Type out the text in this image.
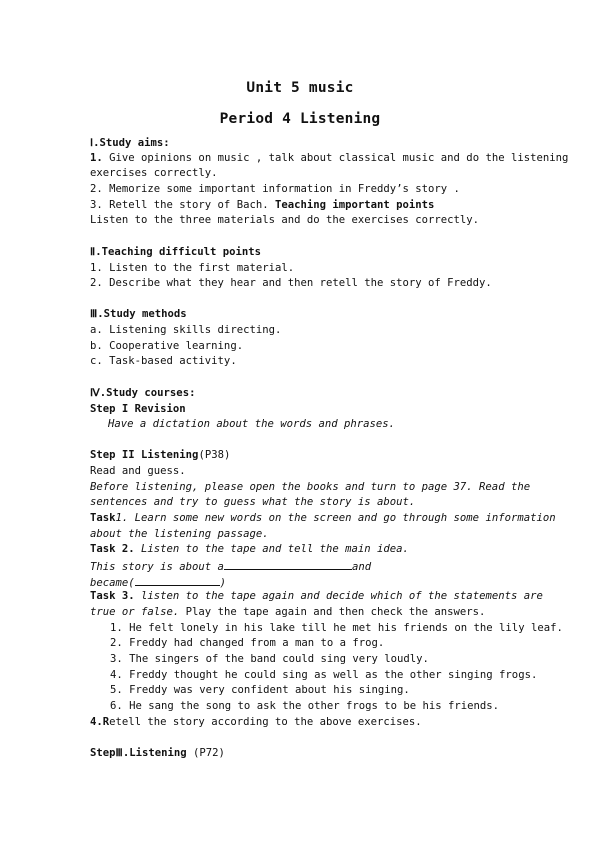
Unit 5 music
Period 4 Listening
Ⅰ.Study aims:
1. Give opinions on music , talk about classical music and do the listening
exercises correctly.
2. Memorize some important information in Freddy’s story .
3. Retell the story of Bach. Teaching important points
Listen to the three materials and do the exercises correctly.
Ⅱ.Teaching difficult points
1. Listen to the first material.
2. Describe what they hear and then retell the story of Freddy.
Ⅲ.Study methods
a. Listening skills directing.
b. Cooperative learning.
c. Task-based activity.
Ⅳ.Study courses:
Step I Revision
Have a dictation about the words and phrases.
Step II Listening(P38)
Read and guess.
Before listening, please open the books and turn to page 37. Read the
sentences and try to guess what the story is about.
Task1. Learn some new words on the screen and go through some information
about the listening passage.
Task 2. Listen to the tape and tell the main idea.
This story is about a	and
became(	)
Task 3. listen to the tape again and decide which of the statements are
true or false. Play the tape again and then check the answers.
1. He felt lonely in his lake till he met his friends on the lily leaf.
2. Freddy had changed from a man to a frog.
3. The singers of the band could sing very loudly.
4. Freddy thought he could sing as well as the other singing frogs.
5. Freddy was very confident about his singing.
6. He sang the song to ask the other frogs to be his friends.
4.Retell the story according to the above exercises.
StepⅢ.Listening (P72)
